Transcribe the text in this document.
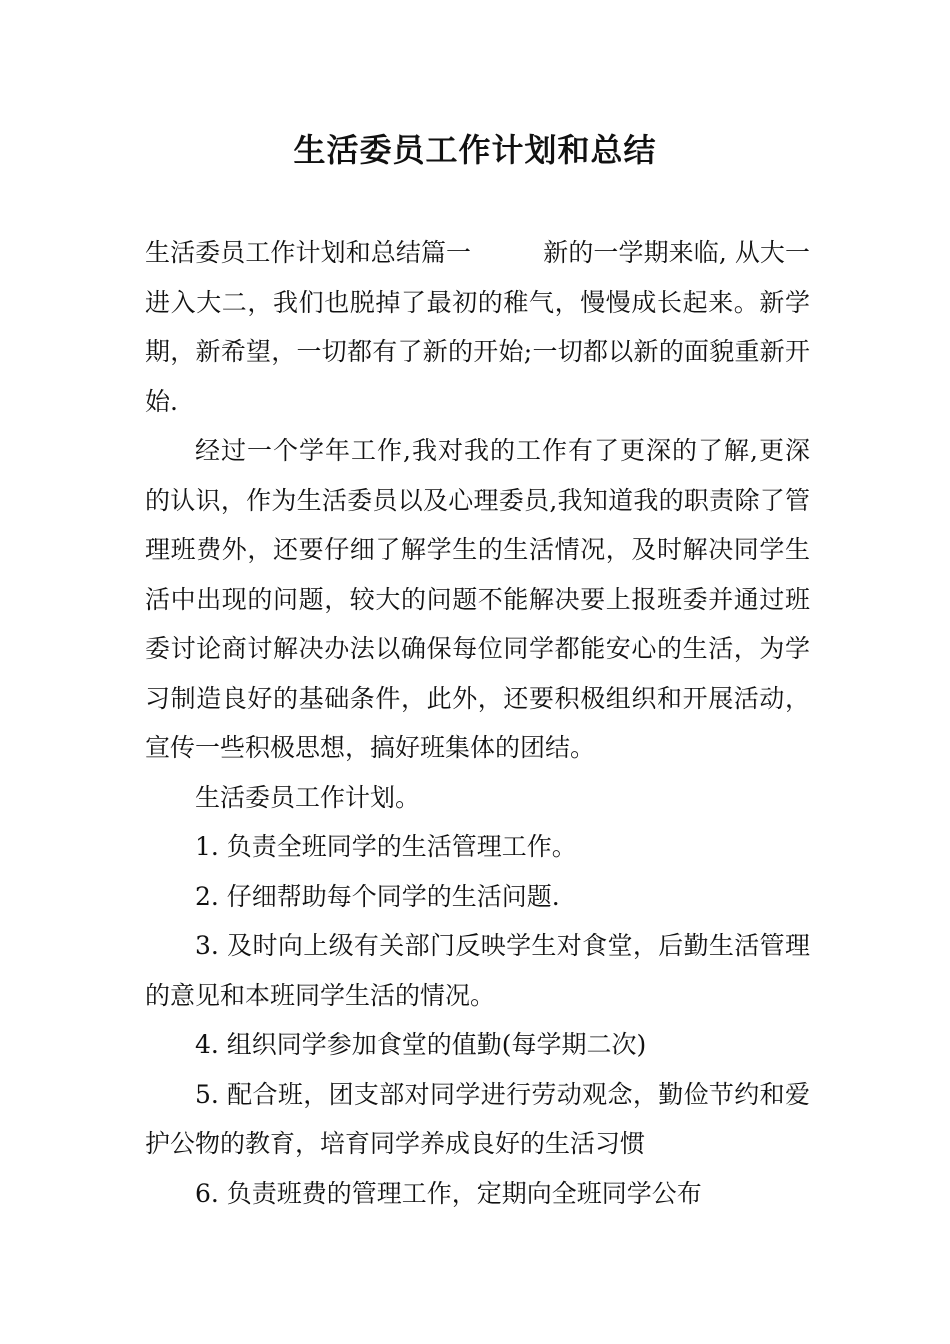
生活委员工作计划和总结

生活委员工作计划和总结篇一	新的一学期来临, 从大一进入大二，我们也脱掉了最初的稚气，慢慢成长起来。新学期，新希望，一切都有了新的开始;一切都以新的面貌重新开始.

经过一个学年工作,我对我的工作有了更深的了解,更深的认识，作为生活委员以及心理委员,我知道我的职责除了管理班费外，还要仔细了解学生的生活情况，及时解决同学生活中出现的问题，较大的问题不能解决要上报班委并通过班委讨论商讨解决办法以确保每位同学都能安心的生活，为学习制造良好的基础条件，此外，还要积极组织和开展活动，宣传一些积极思想，搞好班集体的团结。

生活委员工作计划。

1. 负责全班同学的生活管理工作。

2. 仔细帮助每个同学的生活问题.

3. 及时向上级有关部门反映学生对食堂，后勤生活管理的意见和本班同学生活的情况。

4. 组织同学参加食堂的值勤(每学期二次)

5. 配合班，团支部对同学进行劳动观念，勤俭节约和爱护公物的教育，培育同学养成良好的生活习惯

6. 负责班费的管理工作，定期向全班同学公布
